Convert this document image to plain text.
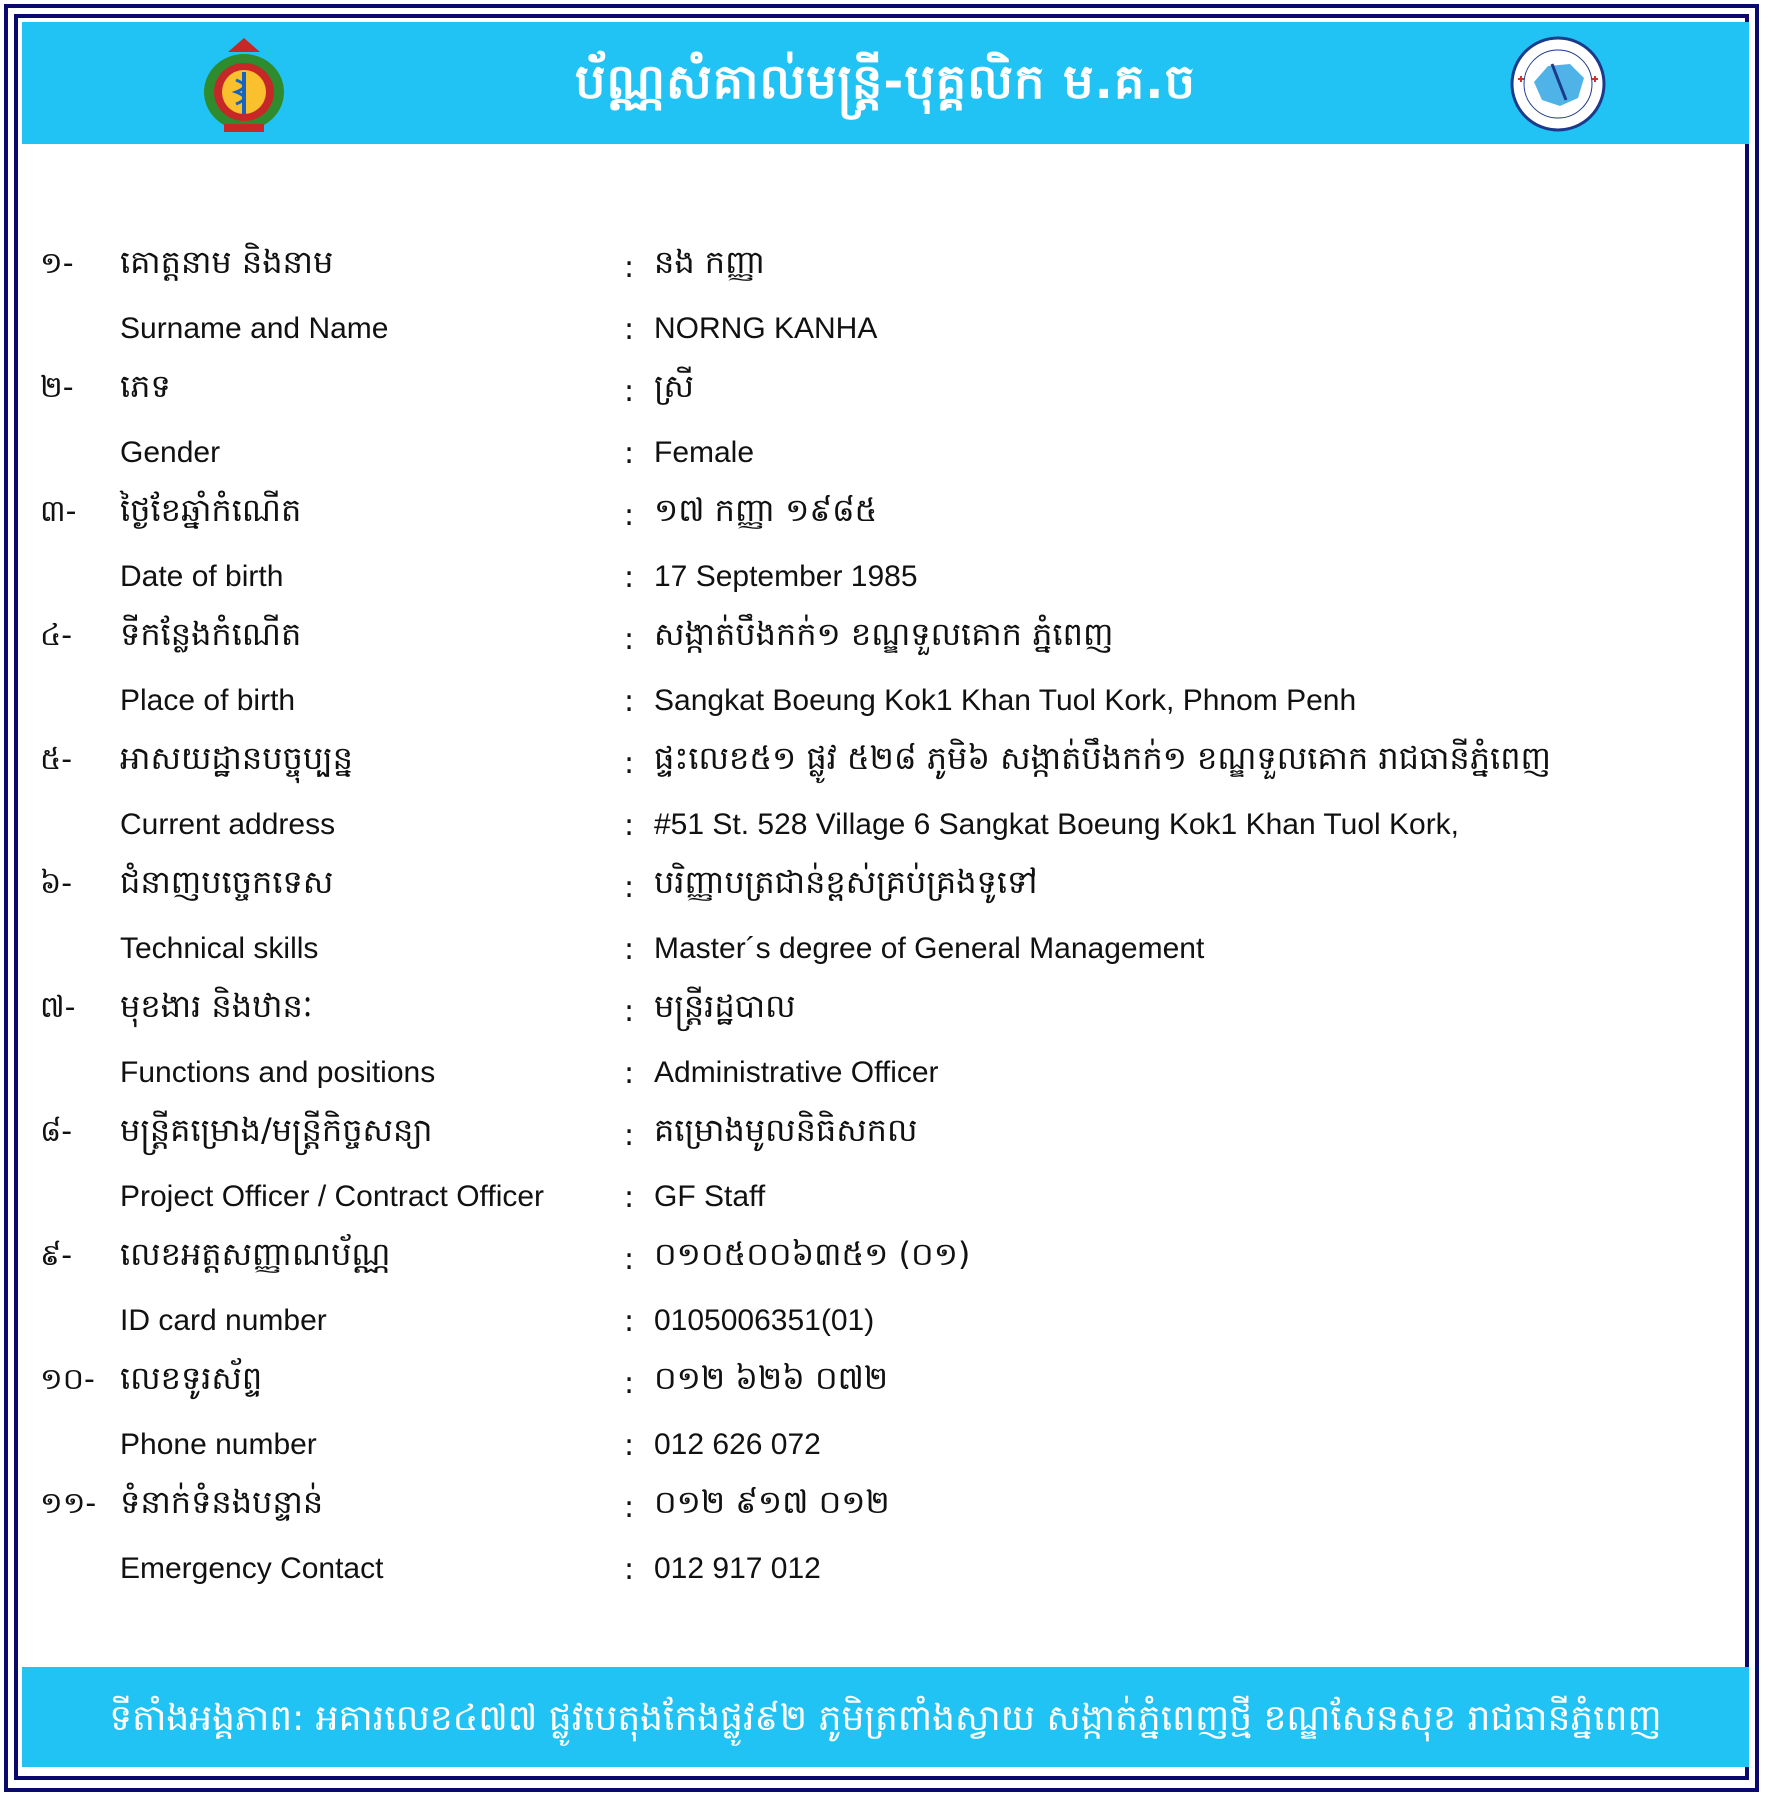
ប័ណ្ណសំគាល់មន្ត្រី-បុគ្គលិក ម.គ.ច
១- គោត្តនាម និងនាម	: នង កញ្ញា
Surname and Name	: NORNG KANHA
២- ភេទ	: ស្រី
Gender	: Female
៣- ថ្ងៃខែឆ្នាំកំណើត	: ១៧ កញ្ញា ១៩៨៥
Date of birth	: 17 September 1985
៤- ទីកន្លែងកំណើត	: សង្កាត់បឹងកក់១ ខណ្ឌទួលគោក ភ្នំពេញ
Place of birth	: Sangkat Boeung Kok1 Khan Tuol Kork, Phnom Penh
៥- អាសយដ្ឋានបច្ចុប្បន្ន	: ផ្ទះលេខ៥១ ផ្លូវ ៥២៨ ភូមិ៦ សង្កាត់បឹងកក់១ ខណ្ឌទួលគោក រាជធានីភ្នំពេញ
Current address	: #51 St. 528 Village 6 Sangkat Boeung Kok1 Khan Tuol Kork,
៦- ជំនាញបច្ចេកទេស	: បរិញ្ញាបត្រជាន់ខ្ពស់គ្រប់គ្រងទូទៅ
Technical skills	: Master´s degree of General Management
៧- មុខងារ និងឋានៈ	: មន្ត្រីរដ្ឋបាល
Functions and positions	: Administrative Officer
៨- មន្ត្រីគម្រោង/មន្ត្រីកិច្ចសន្យា	: គម្រោងមូលនិធិសកល
Project Officer / Contract Officer	: GF Staff
៩- លេខអត្តសញ្ញាណប័ណ្ណ	: ០១០៥០០៦៣៥១ (០១)
ID card number	: 0105006351(01)
១០- លេខទូរស័ព្ទ	: ០១២ ៦២៦ ០៧២
Phone number	: 012 626 072
១១- ទំនាក់ទំនងបន្ទាន់	: ០១២ ៩១៧ ០១២
Emergency Contact	: 012 917 012
ទីតាំងអង្គភាព: អគារលេខ៤៧៧ ផ្លូវបេតុងកែងផ្លូវ៩២ ភូមិត្រពាំងស្វាយ សង្កាត់ភ្នំពេញថ្មី ខណ្ឌសែនសុខ រាជធានីភ្នំពេញ
